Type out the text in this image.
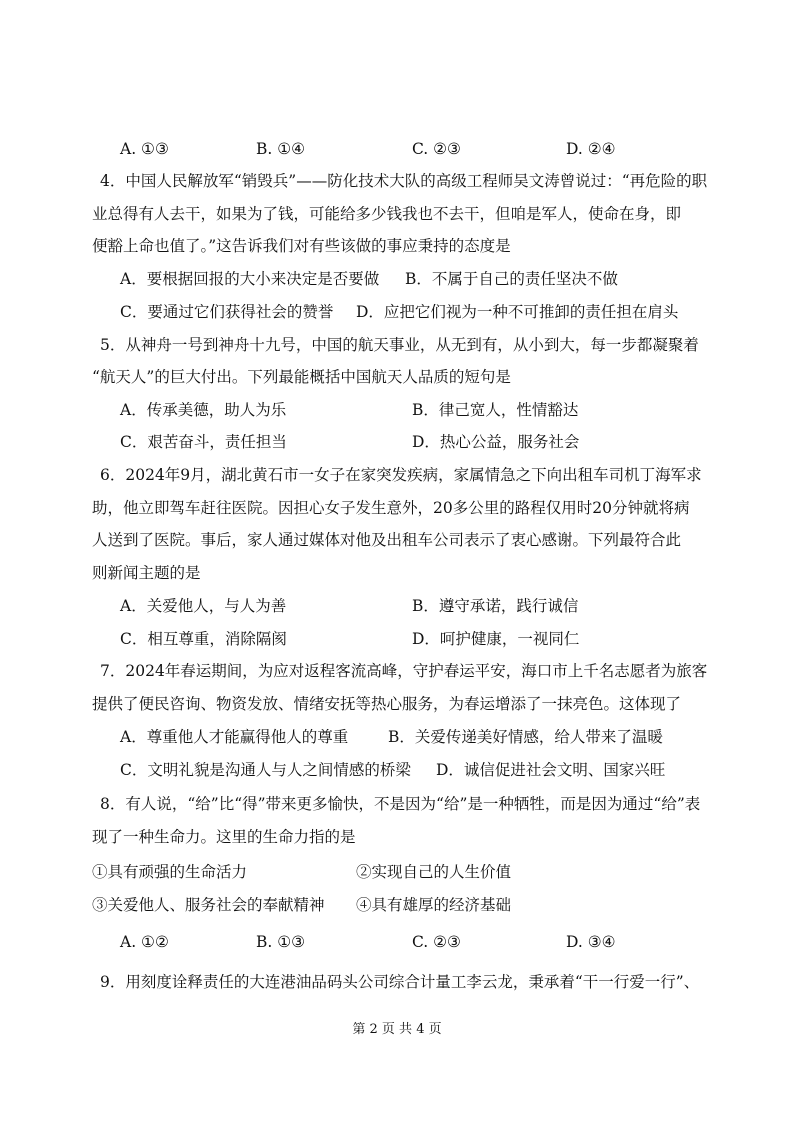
A. ①③	B. ①④	C. ②③	D. ②④
4．中国人民解放军“销毁兵”——防化技术大队的高级工程师吴文涛曾说过：“再危险的职
业总得有人去干，如果为了钱，可能给多少钱我也不去干，但咱是军人，使命在身，即
便豁上命也值了。”这告诉我们对有些该做的事应秉持的态度是
A．要根据回报的大小来决定是否要做 B．不属于自己的责任坚决不做
C．要通过它们获得社会的赞誉 D．应把它们视为一种不可推卸的责任担在肩头
5．从神舟一号到神舟十九号，中国的航天事业，从无到有，从小到大，每一步都凝聚着
“航天人”的巨大付出。下列最能概括中国航天人品质的短句是
A．传承美德，助人为乐	B．律己宽人，性情豁达
C．艰苦奋斗，责任担当	D．热心公益，服务社会
6．2024年9月，湖北黄石市一女子在家突发疾病，家属情急之下向出租车司机丁海军求
助，他立即驾车赶往医院。因担心女子发生意外，20多公里的路程仅用时20分钟就将病
人送到了医院。事后，家人通过媒体对他及出租车公司表示了衷心感谢。下列最符合此
则新闻主题的是
A．关爱他人，与人为善	B．遵守承诺，践行诚信
C．相互尊重，消除隔阂	D．呵护健康，一视同仁
7．2024年春运期间，为应对返程客流高峰，守护春运平安，海口市上千名志愿者为旅客
提供了便民咨询、物资发放、情绪安抚等热心服务，为春运增添了一抹亮色。这体现了
A．尊重他人才能赢得他人的尊重	B．关爱传递美好情感，给人带来了温暖
C．文明礼貌是沟通人与人之间情感的桥梁 D．诚信促进社会文明、国家兴旺
8．有人说，“给”比“得”带来更多愉快，不是因为“给”是一种牺牲，而是因为通过“给”表
现了一种生命力。这里的生命力指的是
①具有顽强的生命活力	②实现自己的人生价值
③关爱他人、服务社会的奉献精神 ④具有雄厚的经济基础
A. ①②	B. ①③	C. ②③	D. ③④
9．用刻度诠释责任的大连港油品码头公司综合计量工李云龙，秉承着“干一行爱一行”、
第 2 页 共 4 页
